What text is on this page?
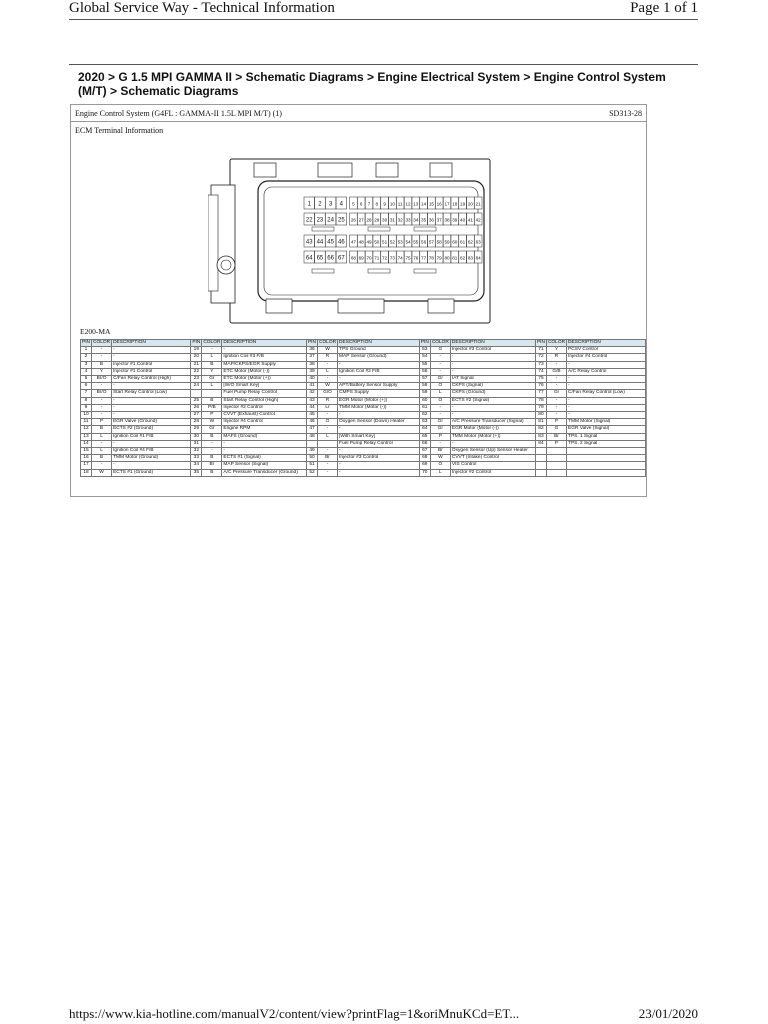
Global Service Way - Technical Information	Page 1 of 1
2020 > G 1.5 MPI GAMMA II > Schematic Diagrams > Engine Electrical System > Engine Control System (M/T) > Schematic Diagrams
Engine Control System (G4FL : GAMMA-II 1.5L MPI M/T) (1)	SD313-28
ECM Terminal Information
1 2 3 4 5 6 7 8 9 10 11 12 13 14 15 16 17 18 19 20 21
22 23 24 25 26 27 28 29 30 31 32 33 34 35 36 37 38 39 40 41 42
43 44 45 46 47 48 49 50 51 52 53 54 55 56 57 58 59 60 61 62 63
64 65 66 67 68 69 70 71 72 73 74 75 76 77 78 79 80 81 82 83 84
E200-MA
PIN	COLOR	DESCRIPTION	PIN	COLOR	DESCRIPTION	PIN	COLOR	DESCRIPTION	PIN	COLOR	DESCRIPTION	PIN	COLOR	DESCRIPTION
1	-	-	19	-	-	36	W	TPS Ground	53	G	Injector #3 Control	71	Y	PCSV Control
2	-	-	20	L	Ignition Coil #3 F/B	37	R	MAP Sensor (Ground)	54	-	-	72	R	Injector #4 Control
3	B	Injector #1 Control	21	B	MAP/CKPS/EGR Supply	38	-	-	55	-	-	73	-	-
4	Y	Injector #1 Control	22	Y	ETC Motor (Motor (-))	39	L	Ignition Coil #2 F/B	56	-	-	74	G/B	A/C Relay Control
5	Br/O	C/Fan Relay Control (High)	23	Gr	ETC Motor (Motor (+))	40	-	-	57	Gr	IAT Signal	75	-	-
6	-	-	24	L	[W/O Smart Key]	41	W	APT/Battery Sensor Supply	58	O	CKPS (Signal)	76	-	-
7	Br/O	Start Relay Control (Low)			Fuel Pump Relay Control	42	G/O	CMPS Supply	59	L	CKPS (Ground)	77	Gr	C/Fan Relay Control (Low)
8	-	-	25	B	Start Relay Control (High)	43	R	EGR Motor (Motor (+))	60	O	ECTS #2 (Signal)	78	-	-
9	-	-	26	P/B	Injector #2 Control	44	Lr	TMM Motor (Motor (-))	61	-	-	79	-	-
10	-	-	27	P	CVVT (Exhaust) Control	45	-	-	62	-	-	80	-	-
11	P	EGR Valve (Ground)	28	W	Injector #4 Control	46	O	Oxygen Sensor (Down) Heater	63	Gr	A/C Pressure Transducer (Signal)	81	P	TMM Motor (Signal)
12	B	ECTS #2 (Ground)	29	Gr	Engine RPM	47	-	-	64	Gr	EGR Motor (Motor (-))	82	G	EGR Valve (Signal)
13	L	Ignition Coil #1 F/B	30	B	MAFS (Ground)	48	L	[With Smart Key]	65	P	TMM Motor (Motor (+))	83	Br	TPS. 1 Signal
14	-	-	31	-	-			Fuel Pump Relay Control	66	-	-	84	P	TPS. 2 Signal
15	L	Ignition Coil #4 F/B	32	-	-	49	-	-	67	Br	Oxygen Sensor (Up) Sensor Heater			
16	B	TMM Motor (Ground)	33	B	ECTS #1 (Signal)	50	Br	Injector #3 Control	68	W	CVVT (Intake) Control			
17	-	-	34	Br	MAP Sensor (Signal)	51	-	-	69	O	VIS Control			
18	W	ECTS #1 (Ground)	35	B	A/C Pressure Transducer (Ground)	52	-	-	70	L	Injector #2 Control			
https://www.kia-hotline.com/manualV2/content/view?printFlag=1&oriMnuKCd=ET...	23/01/2020
